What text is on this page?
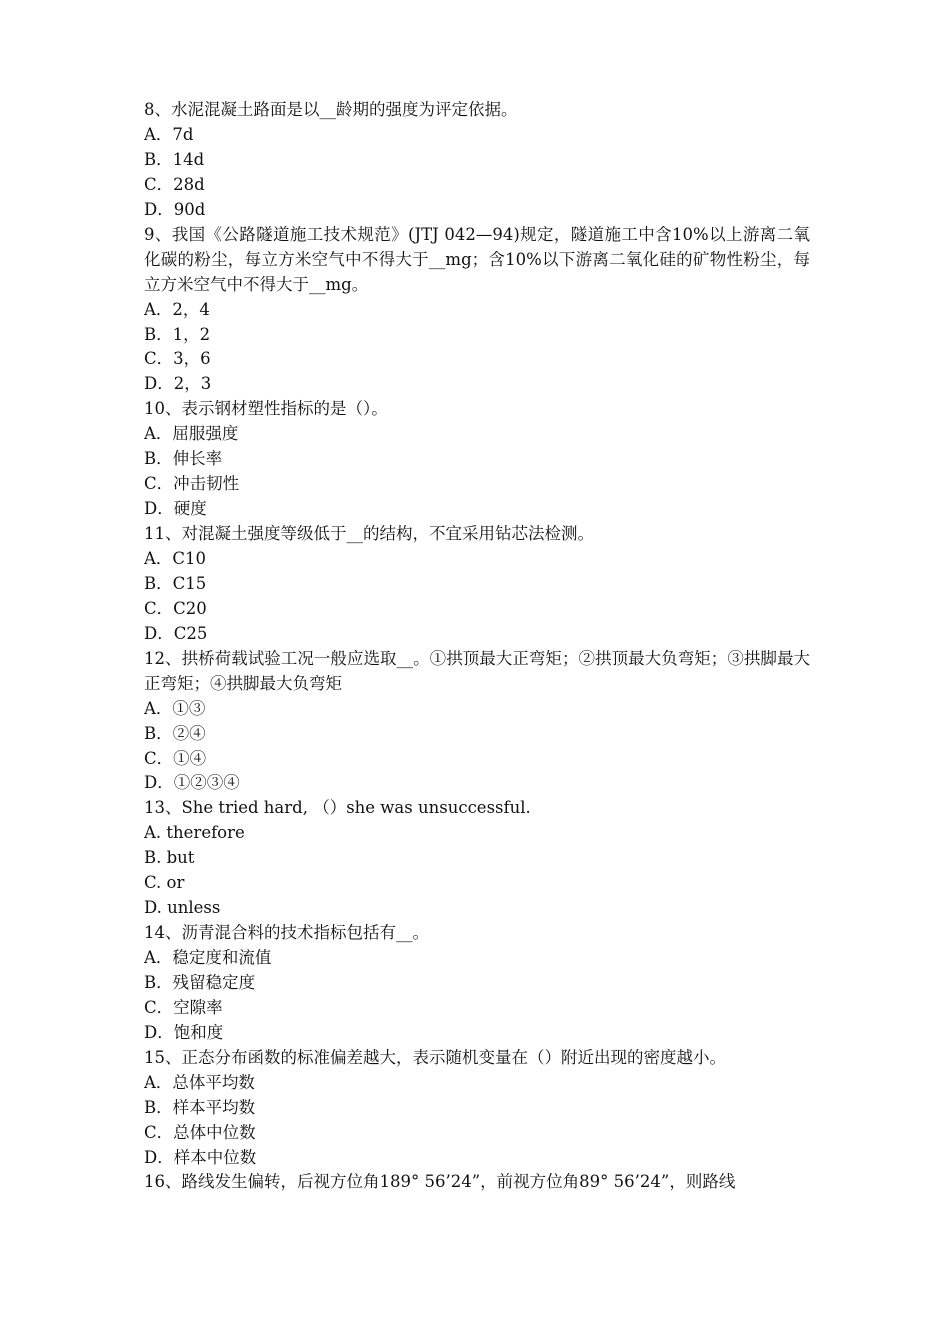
8、水泥混凝土路面是以__龄期的强度为评定依据。
A．7d
B．14d
C．28d
D．90d
9、我国《公路隧道施工技术规范》(JTJ 042—94)规定，隧道施工中含10%以上游离二氧化碳的粉尘，每立方米空气中不得大于__mg；含10%以下游离二氧化硅的矿物性粉尘，每立方米空气中不得大于__mg。
A．2，4
B．1，2
C．3，6
D．2，3
10、表示钢材塑性指标的是（）。
A．屈服强度
B．伸长率
C．冲击韧性
D．硬度
11、对混凝土强度等级低于__的结构，不宜采用钻芯法检测。
A．C10
B．C15
C．C20
D．C25
12、拱桥荷载试验工况一般应选取__。①拱顶最大正弯矩；②拱顶最大负弯矩；③拱脚最大正弯矩；④拱脚最大负弯矩
A．①③
B．②④
C．①④
D．①②③④
13、She tried hard, （）she was unsuccessful.
A. therefore
B. but
C. or
D. unless
14、沥青混合料的技术指标包括有__。
A．稳定度和流值
B．残留稳定度
C．空隙率
D．饱和度
15、正态分布函数的标准偏差越大，表示随机变量在（）附近出现的密度越小。
A．总体平均数
B．样本平均数
C．总体中位数
D．样本中位数
16、路线发生偏转，后视方位角189° 56’24”，前视方位角89° 56’24”，则路线
